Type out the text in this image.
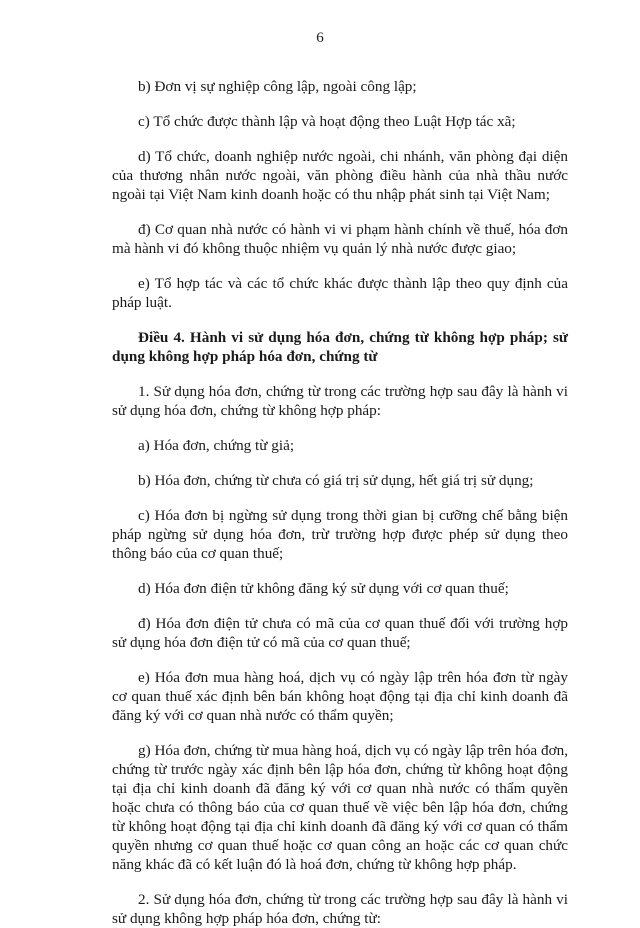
6

b) Đơn vị sự nghiệp công lập, ngoài công lập;

c) Tổ chức được thành lập và hoạt động theo Luật Hợp tác xã;

d) Tổ chức, doanh nghiệp nước ngoài, chi nhánh, văn phòng đại diện của thương nhân nước ngoài, văn phòng điều hành của nhà thầu nước ngoài tại Việt Nam kinh doanh hoặc có thu nhập phát sinh tại Việt Nam;

đ) Cơ quan nhà nước có hành vi vi phạm hành chính về thuế, hóa đơn mà hành vi đó không thuộc nhiệm vụ quản lý nhà nước được giao;

e) Tổ hợp tác và các tổ chức khác được thành lập theo quy định của pháp luật.

Điều 4. Hành vi sử dụng hóa đơn, chứng từ không hợp pháp; sử dụng không hợp pháp hóa đơn, chứng từ

1. Sử dụng hóa đơn, chứng từ trong các trường hợp sau đây là hành vi sử dụng hóa đơn, chứng từ không hợp pháp:

a) Hóa đơn, chứng từ giả;

b) Hóa đơn, chứng từ chưa có giá trị sử dụng, hết giá trị sử dụng;

c) Hóa đơn bị ngừng sử dụng trong thời gian bị cưỡng chế bằng biện pháp ngừng sử dụng hóa đơn, trừ trường hợp được phép sử dụng theo thông báo của cơ quan thuế;

d) Hóa đơn điện tử không đăng ký sử dụng với cơ quan thuế;

đ) Hóa đơn điện tử chưa có mã của cơ quan thuế đối với trường hợp sử dụng hóa đơn điện tử có mã của cơ quan thuế;

e) Hóa đơn mua hàng hoá, dịch vụ có ngày lập trên hóa đơn từ ngày cơ quan thuế xác định bên bán không hoạt động tại địa chỉ kinh doanh đã đăng ký với cơ quan nhà nước có thẩm quyền;

g) Hóa đơn, chứng từ mua hàng hoá, dịch vụ có ngày lập trên hóa đơn, chứng từ trước ngày xác định bên lập hóa đơn, chứng từ không hoạt động tại địa chỉ kinh doanh đã đăng ký với cơ quan nhà nước có thẩm quyền hoặc chưa có thông báo của cơ quan thuế về việc bên lập hóa đơn, chứng từ không hoạt động tại địa chỉ kinh doanh đã đăng ký với cơ quan có thẩm quyền nhưng cơ quan thuế hoặc cơ quan công an hoặc các cơ quan chức năng khác đã có kết luận đó là hoá đơn, chứng từ không hợp pháp.

2. Sử dụng hóa đơn, chứng từ trong các trường hợp sau đây là hành vi sử dụng không hợp pháp hóa đơn, chứng từ:
